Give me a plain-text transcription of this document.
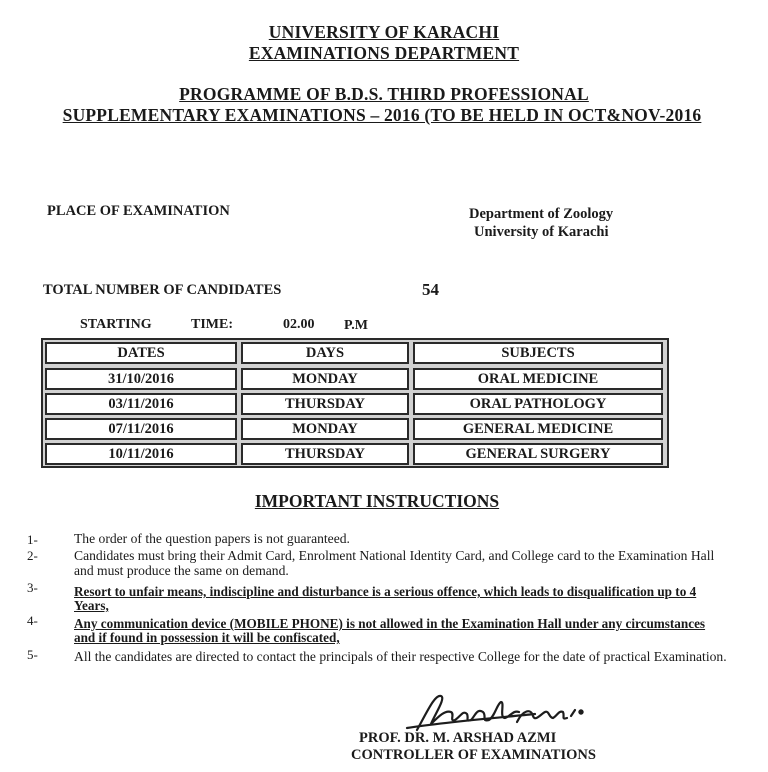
UNIVERSITY OF KARACHI
EXAMINATIONS DEPARTMENT
PROGRAMME OF B.D.S. THIRD PROFESSIONAL
SUPPLEMENTARY EXAMINATIONS – 2016 (TO BE HELD IN OCT&NOV-2016
PLACE OF EXAMINATION	Department of Zoology
University of Karachi
TOTAL NUMBER OF CANDIDATES	54
STARTING	TIME:	02.00 P.M
DATES	DAYS	SUBJECTS
31/10/2016	MONDAY	ORAL MEDICINE
03/11/2016	THURSDAY	ORAL PATHOLOGY
07/11/2016	MONDAY	GENERAL MEDICINE
10/11/2016	THURSDAY	GENERAL SURGERY
IMPORTANT INSTRUCTIONS
1-	The order of the question papers is not guaranteed.
2-	Candidates must bring their Admit Card, Enrolment National Identity Card, and College card to the Examination Hall
and must produce the same on demand.
3-	Resort to unfair means, indiscipline and disturbance is a serious offence, which leads to disqualification up to 4
Years,
4-	Any communication device (MOBILE PHONE) is not allowed in the Examination Hall under any circumstances
and if found in possession it will be confiscated,
5-	All the candidates are directed to contact the principals of their respective College for the date of practical Examination.
PROF. DR. M. ARSHAD AZMI
CONTROLLER OF EXAMINATIONS
